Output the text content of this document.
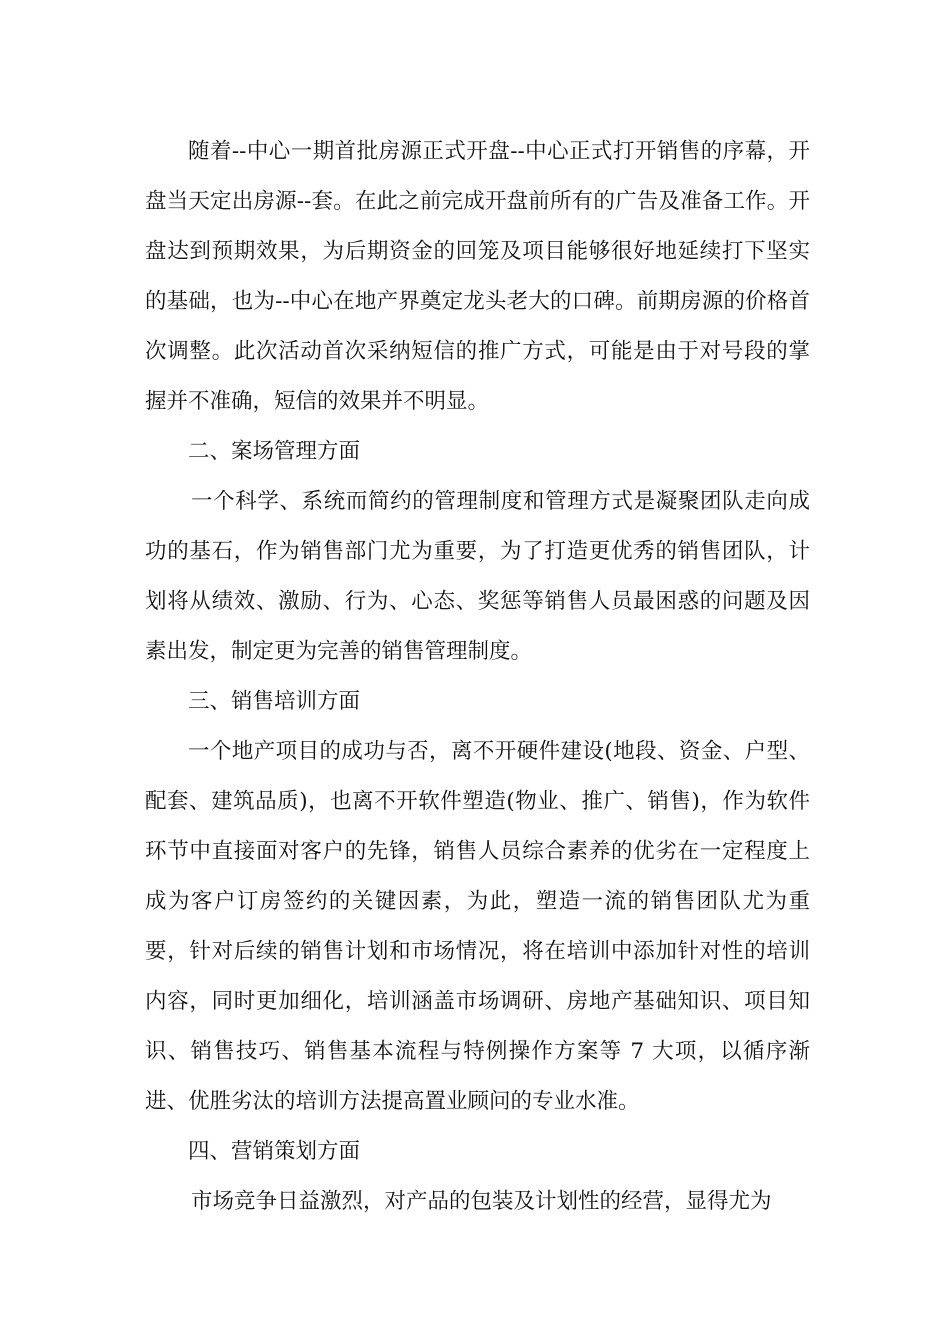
随着--中心一期首批房源正式开盘--中心正式打开销售的序幕，开盘当天定出房源--套。在此之前完成开盘前所有的广告及准备工作。开盘达到预期效果，为后期资金的回笼及项目能够很好地延续打下坚实的基础，也为--中心在地产界奠定龙头老大的口碑。前期房源的价格首次调整。此次活动首次采纳短信的推广方式，可能是由于对号段的掌握并不准确，短信的效果并不明显。

二、案场管理方面

一个科学、系统而简约的管理制度和管理方式是凝聚团队走向成功的基石，作为销售部门尤为重要，为了打造更优秀的销售团队，计划将从绩效、激励、行为、心态、奖惩等销售人员最困惑的问题及因素出发，制定更为完善的销售管理制度。

三、销售培训方面

一个地产项目的成功与否，离不开硬件建设(地段、资金、户型、配套、建筑品质)，也离不开软件塑造(物业、推广、销售)，作为软件环节中直接面对客户的先锋，销售人员综合素养的优劣在一定程度上成为客户订房签约的关键因素，为此，塑造一流的销售团队尤为重要，针对后续的销售计划和市场情况，将在培训中添加针对性的培训内容，同时更加细化，培训涵盖市场调研、房地产基础知识、项目知识、销售技巧、销售基本流程与特例操作方案等 7 大项，以循序渐进、优胜劣汰的培训方法提高置业顾问的专业水准。

四、营销策划方面

市场竞争日益激烈，对产品的包装及计划性的经营，显得尤为
